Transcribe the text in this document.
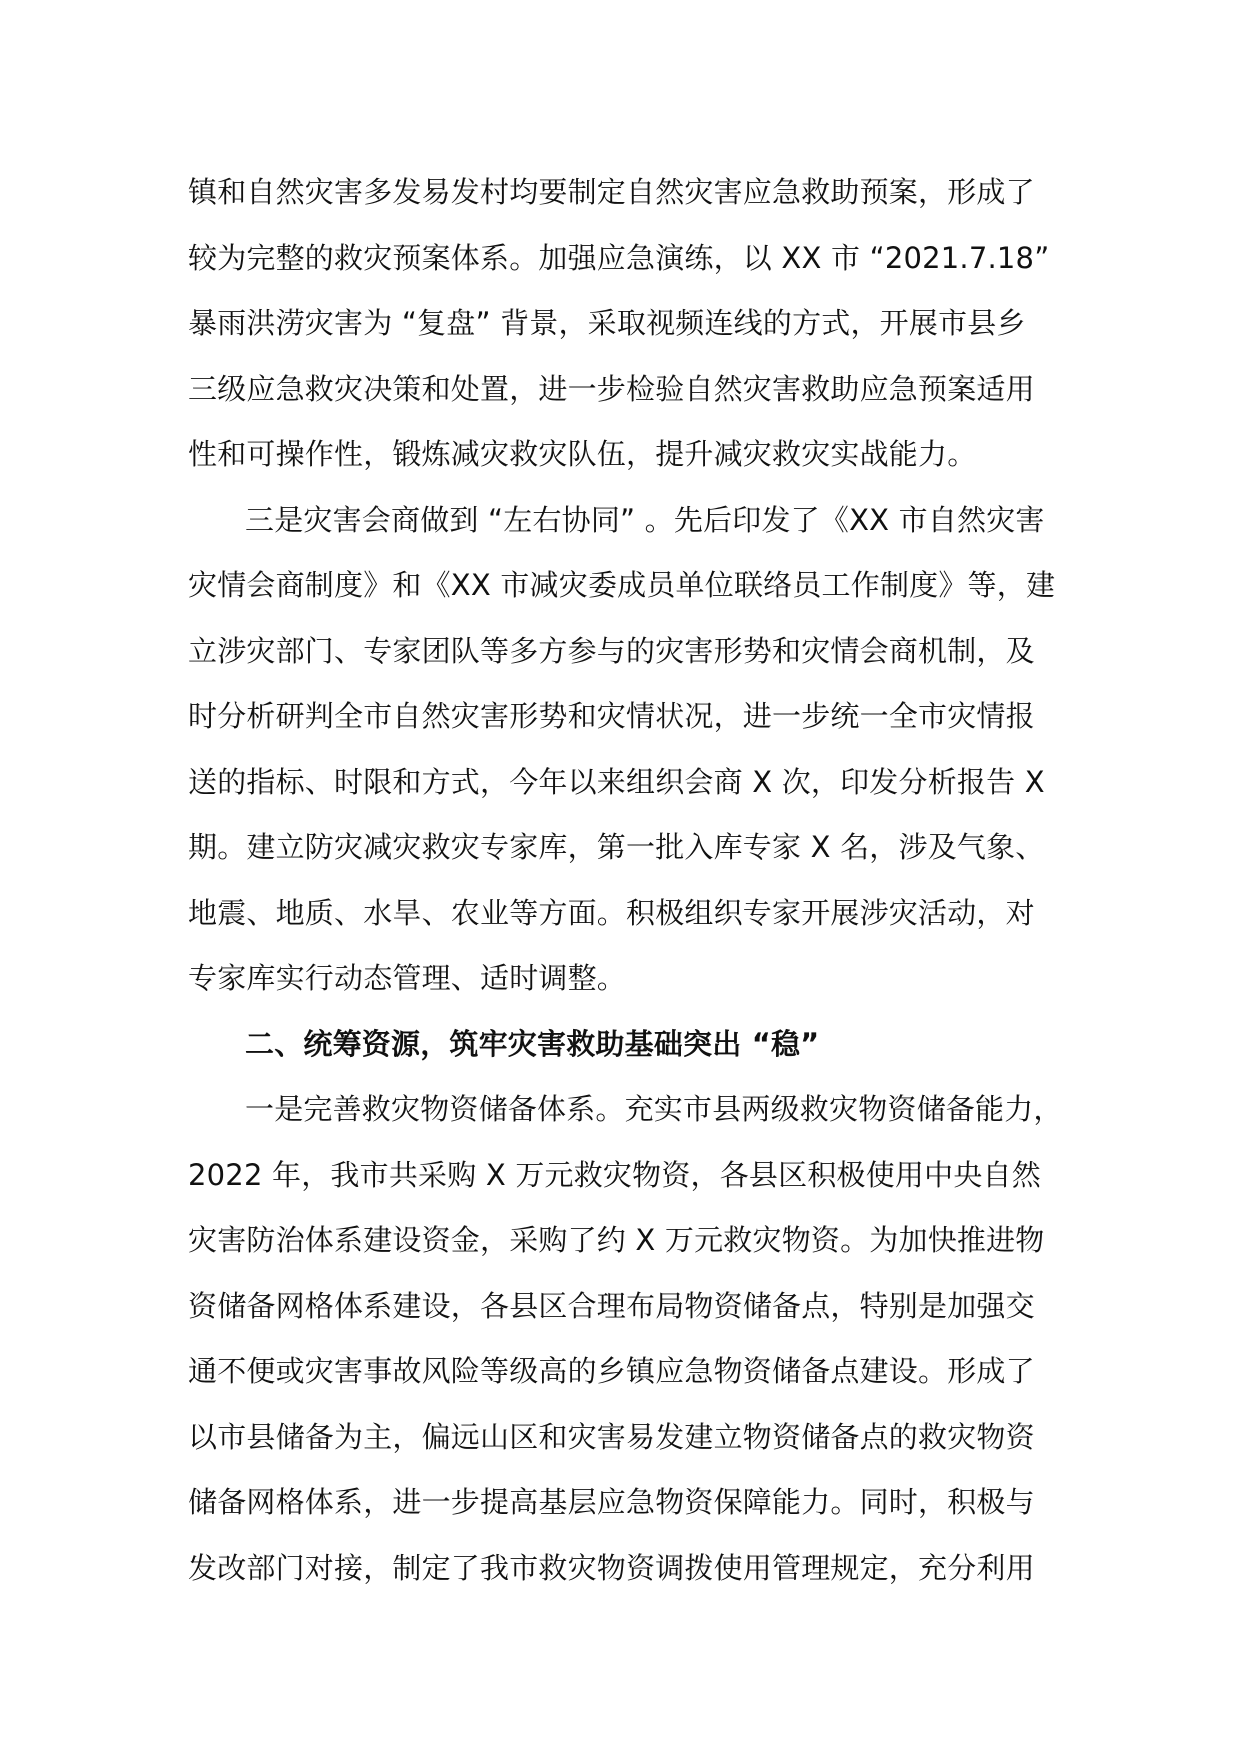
镇和自然灾害多发易发村均要制定自然灾害应急救助预案，形成了
较为完整的救灾预案体系。加强应急演练，以 XX 市 “2021.7.18”
暴雨洪涝灾害为 “复盘” 背景，采取视频连线的方式，开展市县乡
三级应急救灾决策和处置，进一步检验自然灾害救助应急预案适用
性和可操作性，锻炼减灾救灾队伍，提升减灾救灾实战能力。
三是灾害会商做到 “左右协同” 。先后印发了《XX 市自然灾害
灾情会商制度》和《XX 市减灾委成员单位联络员工作制度》等，建
立涉灾部门、专家团队等多方参与的灾害形势和灾情会商机制，及
时分析研判全市自然灾害形势和灾情状况，进一步统一全市灾情报
送的指标、时限和方式，今年以来组织会商 X 次，印发分析报告 X
期。建立防灾减灾救灾专家库，第一批入库专家 X 名，涉及气象、
地震、地质、水旱、农业等方面。积极组织专家开展涉灾活动，对
专家库实行动态管理、适时调整。
二、统筹资源，筑牢灾害救助基础突出 “稳”
一是完善救灾物资储备体系。充实市县两级救灾物资储备能力，
2022 年，我市共采购 X 万元救灾物资，各县区积极使用中央自然
灾害防治体系建设资金，采购了约 X 万元救灾物资。为加快推进物
资储备网格体系建设，各县区合理布局物资储备点，特别是加强交
通不便或灾害事故风险等级高的乡镇应急物资储备点建设。形成了
以市县储备为主，偏远山区和灾害易发建立物资储备点的救灾物资
储备网格体系，进一步提高基层应急物资保障能力。同时，积极与
发改部门对接，制定了我市救灾物资调拨使用管理规定，充分利用
